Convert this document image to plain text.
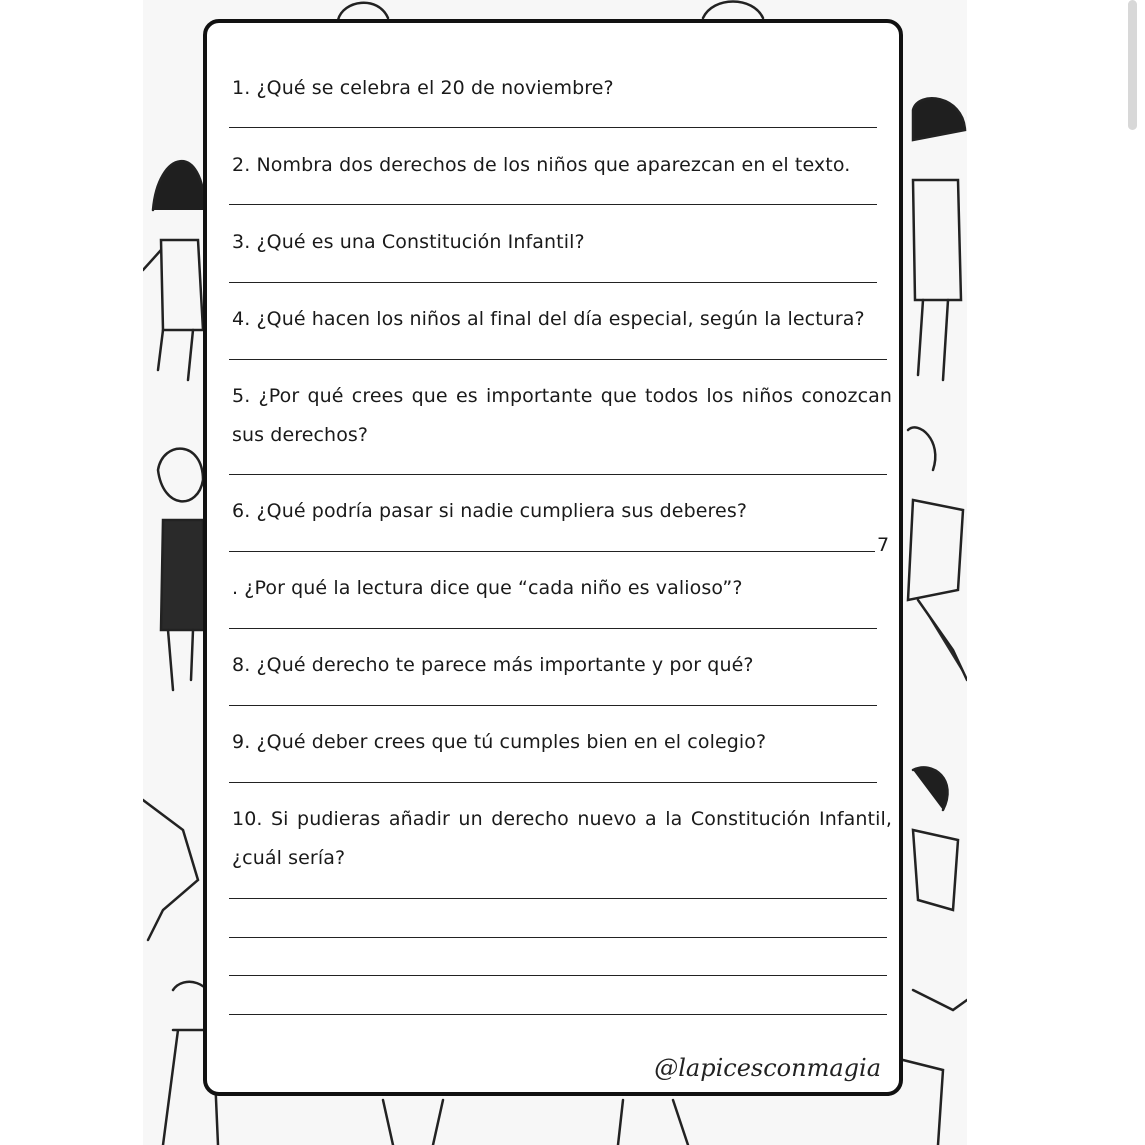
1. ¿Qué se celebra el 20 de noviembre?

2. Nombra dos derechos de los niños que aparezcan en el texto.

3. ¿Qué es una Constitución Infantil?

4. ¿Qué hacen los niños al final del día especial, según la lectura?

5. ¿Por qué crees que es importante que todos los niños conozcan sus derechos?

6. ¿Qué podría pasar si nadie cumpliera sus deberes?

7

. ¿Por qué la lectura dice que “cada niño es valioso”?

8. ¿Qué derecho te parece más importante y por qué?

9. ¿Qué deber crees que tú cumples bien en el colegio?

10. Si pudieras añadir un derecho nuevo a la Constitución Infantil, ¿cuál sería?

@lapicesconmagia
